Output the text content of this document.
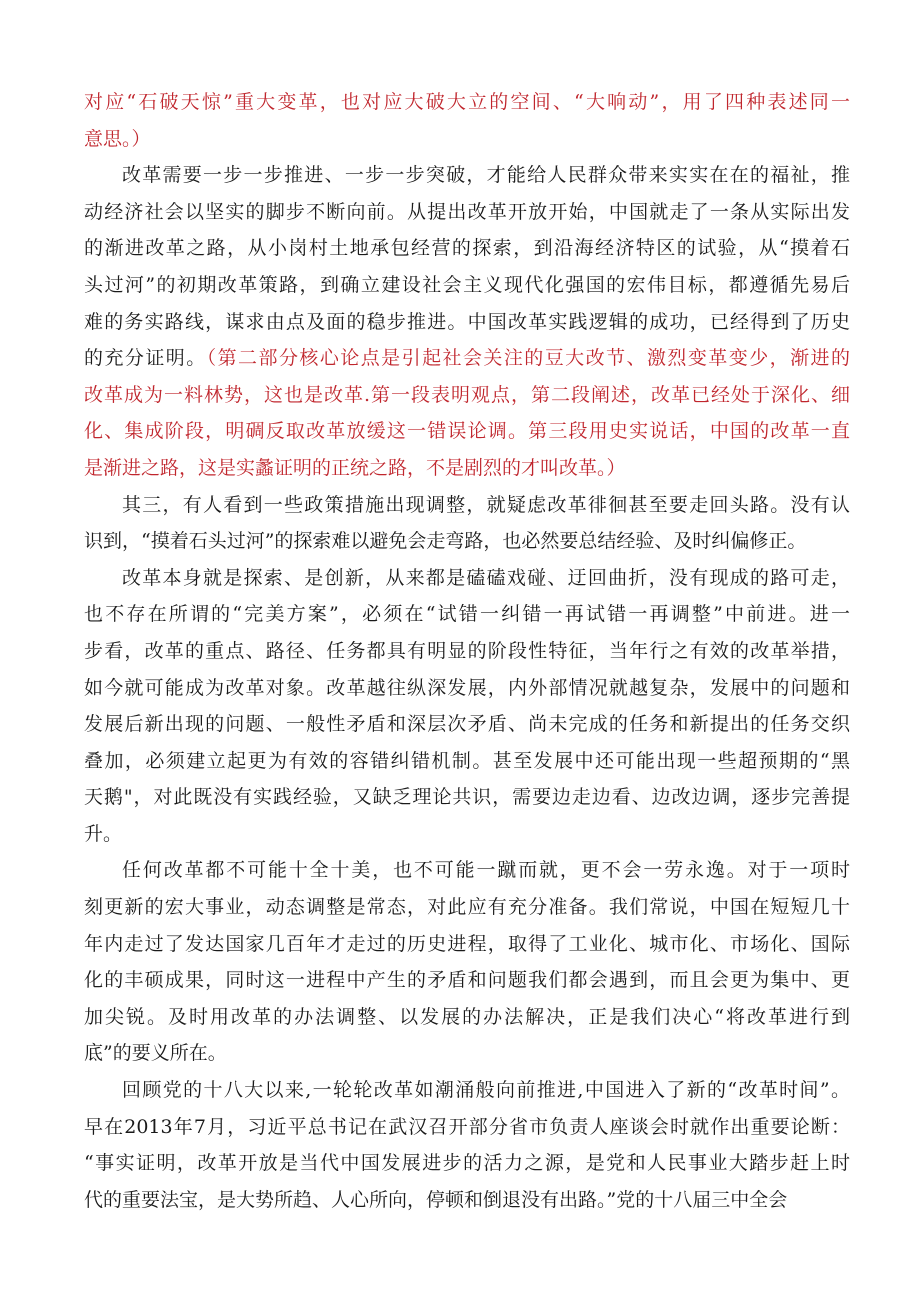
对应“石破天惊”重大变革，也对应大破大立的空间、“大响动”，用了四种表述同一
意思。）
改革需要一步一步推进、一步一步突破，才能给人民群众带来实实在在的福祉，推
动经济社会以坚实的脚步不断向前。从提出改革开放开始，中国就走了一条从实际出发
的渐进改革之路，从小岗村土地承包经营的探索，到沿海经济特区的试验，从“摸着石
头过河”的初期改革策路，到确立建设社会主义现代化强国的宏伟目标，都遵循先易后
难的务实路线，谋求由点及面的稳步推进。中国改革实践逻辑的成功，已经得到了历史
的充分证明。（第二部分核心论点是引起社会关注的豆大改节、激烈变革变少，渐进的
改革成为一料林势，这也是改革.第一段表明观点，第二段阐述，改革已经处于深化、细
化、集成阶段，明碉反取改革放缓这一错误论调。第三段用史实说话，中国的改革一直
是渐进之路，这是实蠡证明的正统之路，不是剧烈的才叫改革。）
其三，有人看到一些政策措施出现调整，就疑虑改革徘徊甚至要走回头路。没有认
识到，“摸着石头过河”的探索难以避免会走弯路，也必然要总结经验、及时纠偏修正。
改革本身就是探索、是创新，从来都是磕磕戏碰、迂回曲折，没有现成的路可走，
也不存在所谓的“完美方案”，必须在“试错一纠错一再试错一再调整”中前进。进一
步看，改革的重点、路径、任务都具有明显的阶段性特征，当年行之有效的改革举措，
如今就可能成为改革对象。改革越往纵深发展，内外部情况就越复杂，发展中的问题和
发展后新出现的问题、一般性矛盾和深层次矛盾、尚未完成的任务和新提出的任务交织
叠加，必须建立起更为有效的容错纠错机制。甚至发展中还可能出现一些超预期的“黑
天鹅"，对此既没有实践经验，又缺乏理论共识，需要边走边看、边改边调，逐步完善提
升。
任何改革都不可能十全十美，也不可能一蹴而就，更不会一劳永逸。对于一项时
刻更新的宏大事业，动态调整是常态，对此应有充分准备。我们常说，中国在短短几十
年内走过了发达国家几百年才走过的历史进程，取得了工业化、城市化、市场化、国际
化的丰硕成果，同时这一进程中产生的矛盾和问题我们都会遇到，而且会更为集中、更
加尖锐。及时用改革的办法调整、以发展的办法解决，正是我们决心“将改革进行到
底”的要义所在。
回顾党的十八大以来,一轮轮改革如潮涌般向前推进,中国进入了新的“改革时间”。
早在2013年7月，习近平总书记在武汉召开部分省市负责人座谈会时就作出重要论断：
“事实证明，改革开放是当代中国发展进步的活力之源，是党和人民事业大踏步赶上时
代的重要法宝，是大势所趋、人心所向，停顿和倒退没有出路。”党的十八届三中全会
